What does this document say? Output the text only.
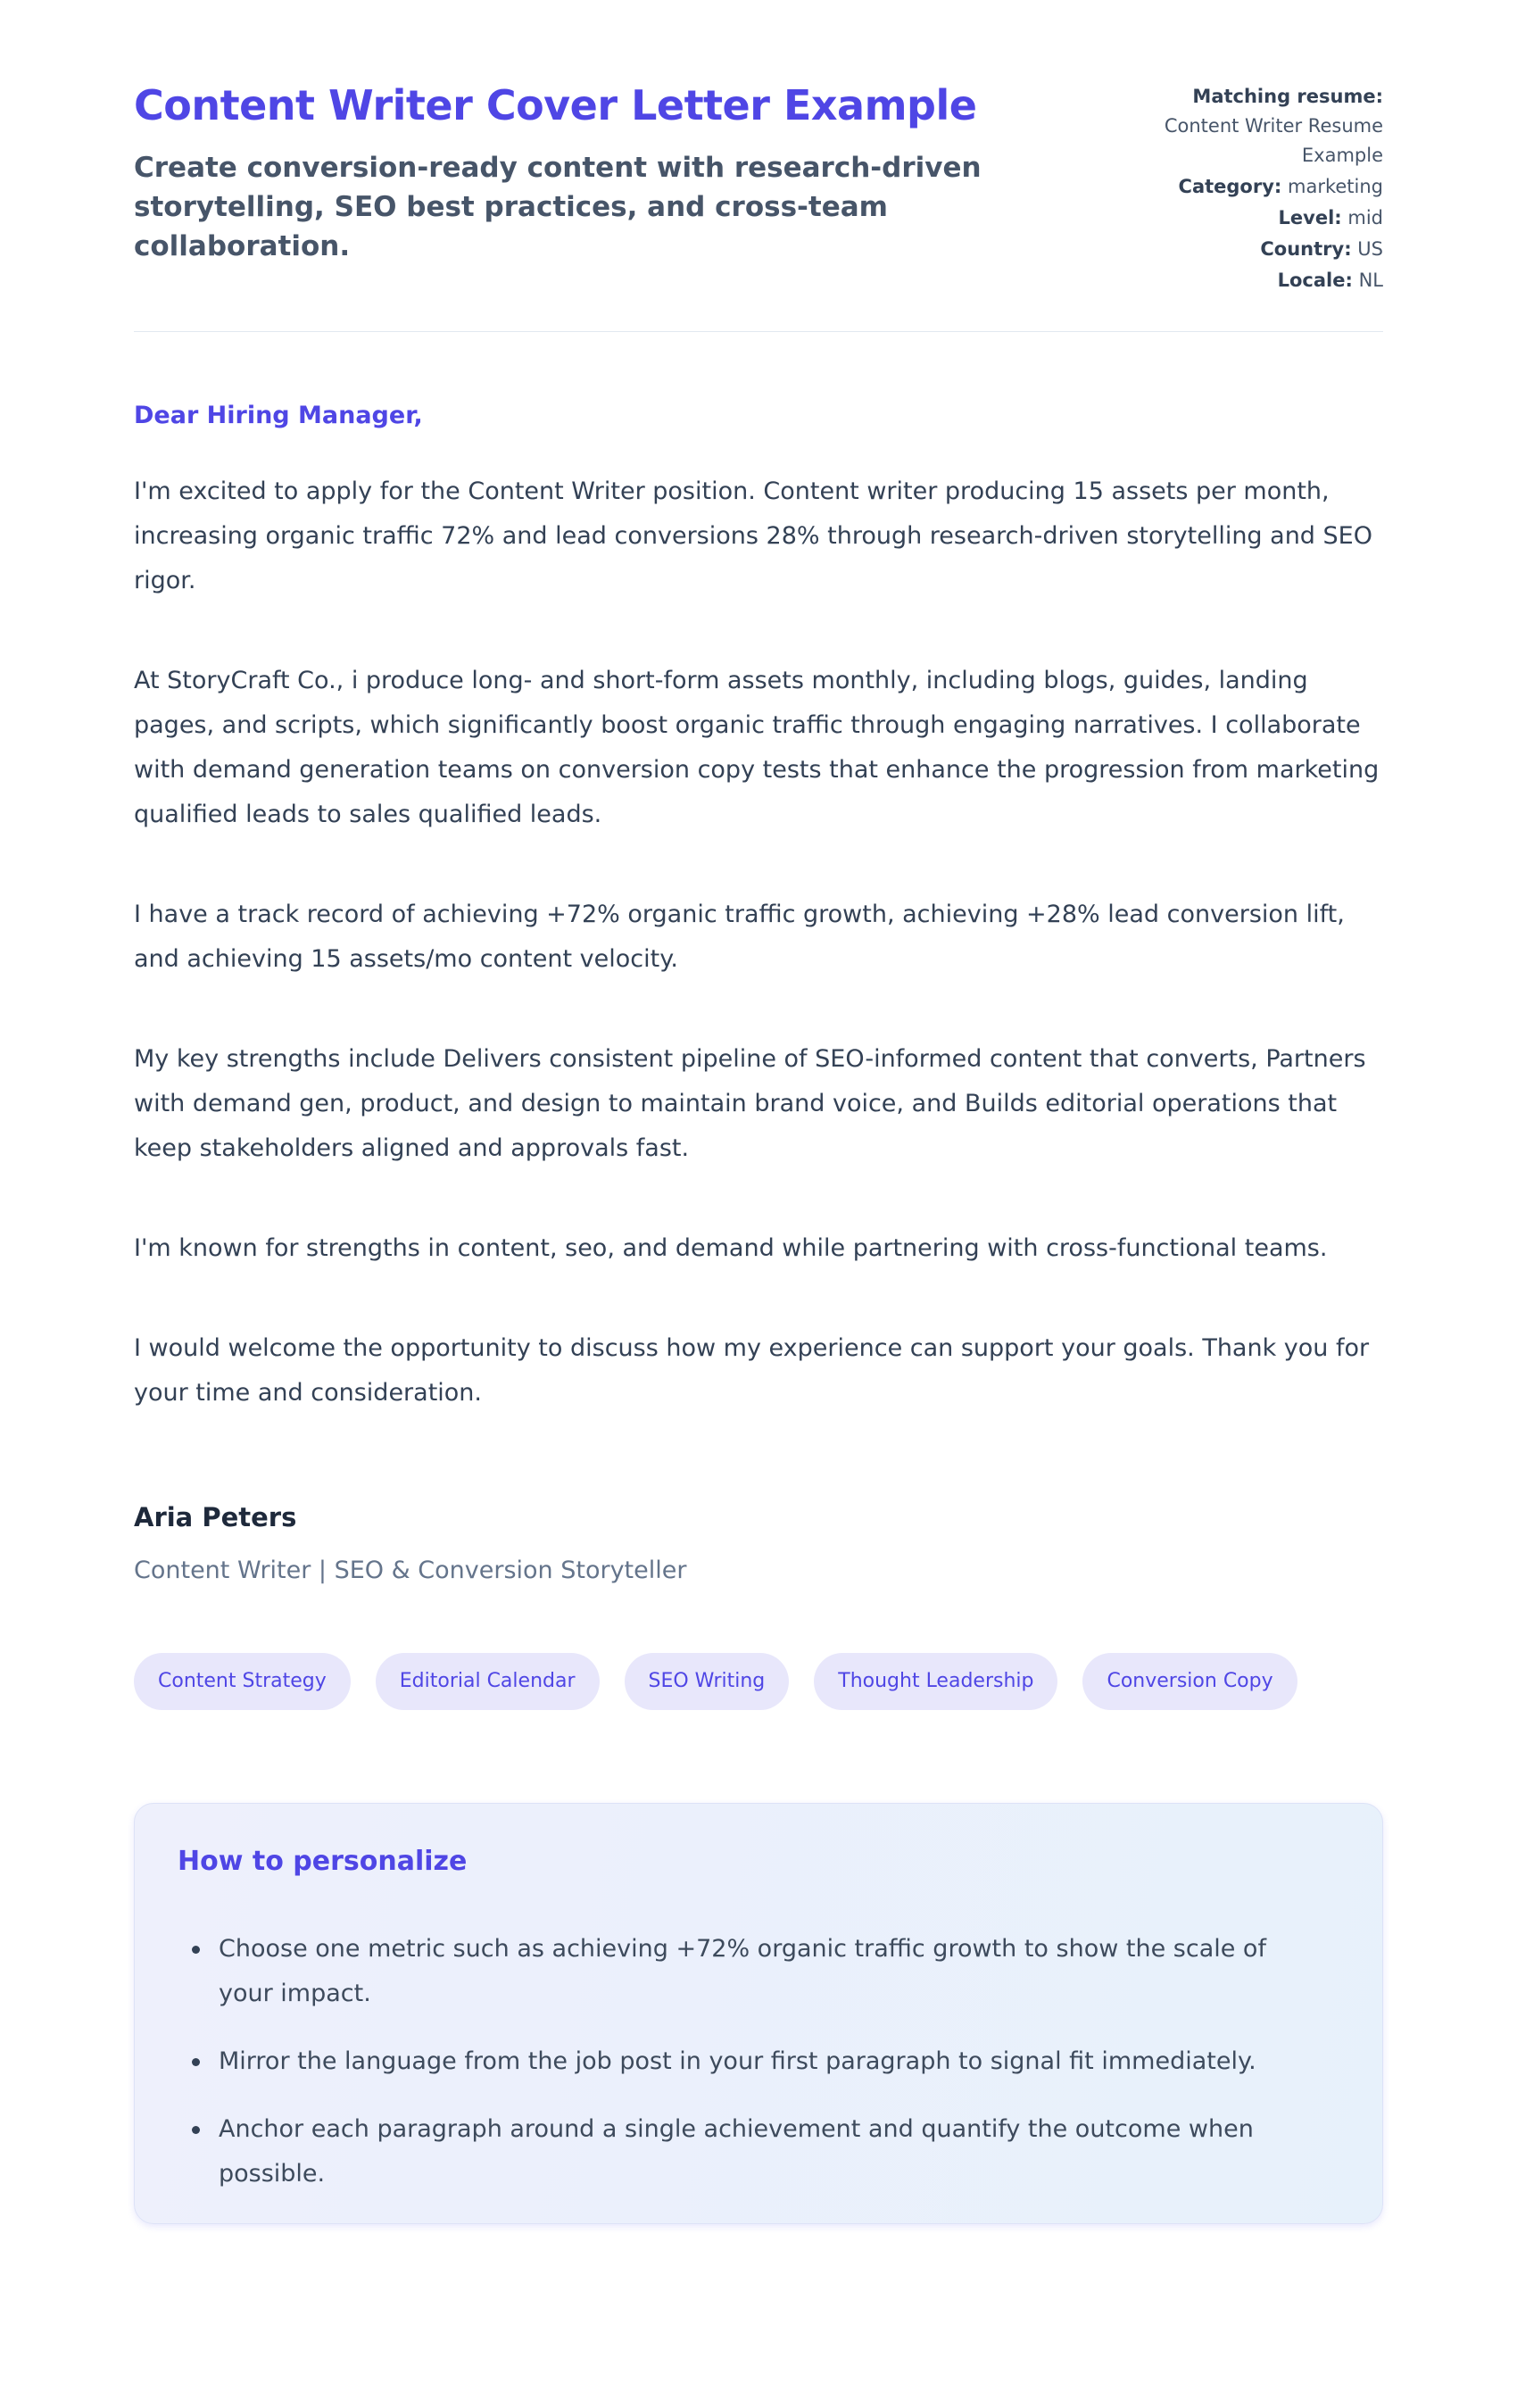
Content Writer Cover Letter Example
Create conversion-ready content with research-driven storytelling, SEO best practices, and cross-team collaboration.
Matching resume:
Content Writer Resume Example
Category: marketing
Level: mid
Country: US
Locale: NL
Dear Hiring Manager,

I'm excited to apply for the Content Writer position. Content writer producing 15 assets per month, increasing organic traffic 72% and lead conversions 28% through research-driven storytelling and SEO rigor.

At StoryCraft Co., i produce long- and short-form assets monthly, including blogs, guides, landing pages, and scripts, which significantly boost organic traffic through engaging narratives. I collaborate with demand generation teams on conversion copy tests that enhance the progression from marketing qualified leads to sales qualified leads.

I have a track record of achieving +72% organic traffic growth, achieving +28% lead conversion lift, and achieving 15 assets/mo content velocity.

My key strengths include Delivers consistent pipeline of SEO-informed content that converts, Partners with demand gen, product, and design to maintain brand voice, and Builds editorial operations that keep stakeholders aligned and approvals fast.

I'm known for strengths in content, seo, and demand while partnering with cross-functional teams.

I would welcome the opportunity to discuss how my experience can support your goals. Thank you for your time and consideration.

Aria Peters
Content Writer | SEO & Conversion Storyteller
Content Strategy	Editorial Calendar	SEO Writing	Thought Leadership	Conversion Copy
How to personalize
Choose one metric such as achieving +72% organic traffic growth to show the scale of your impact.
Mirror the language from the job post in your first paragraph to signal fit immediately.
Anchor each paragraph around a single achievement and quantify the outcome when possible.
